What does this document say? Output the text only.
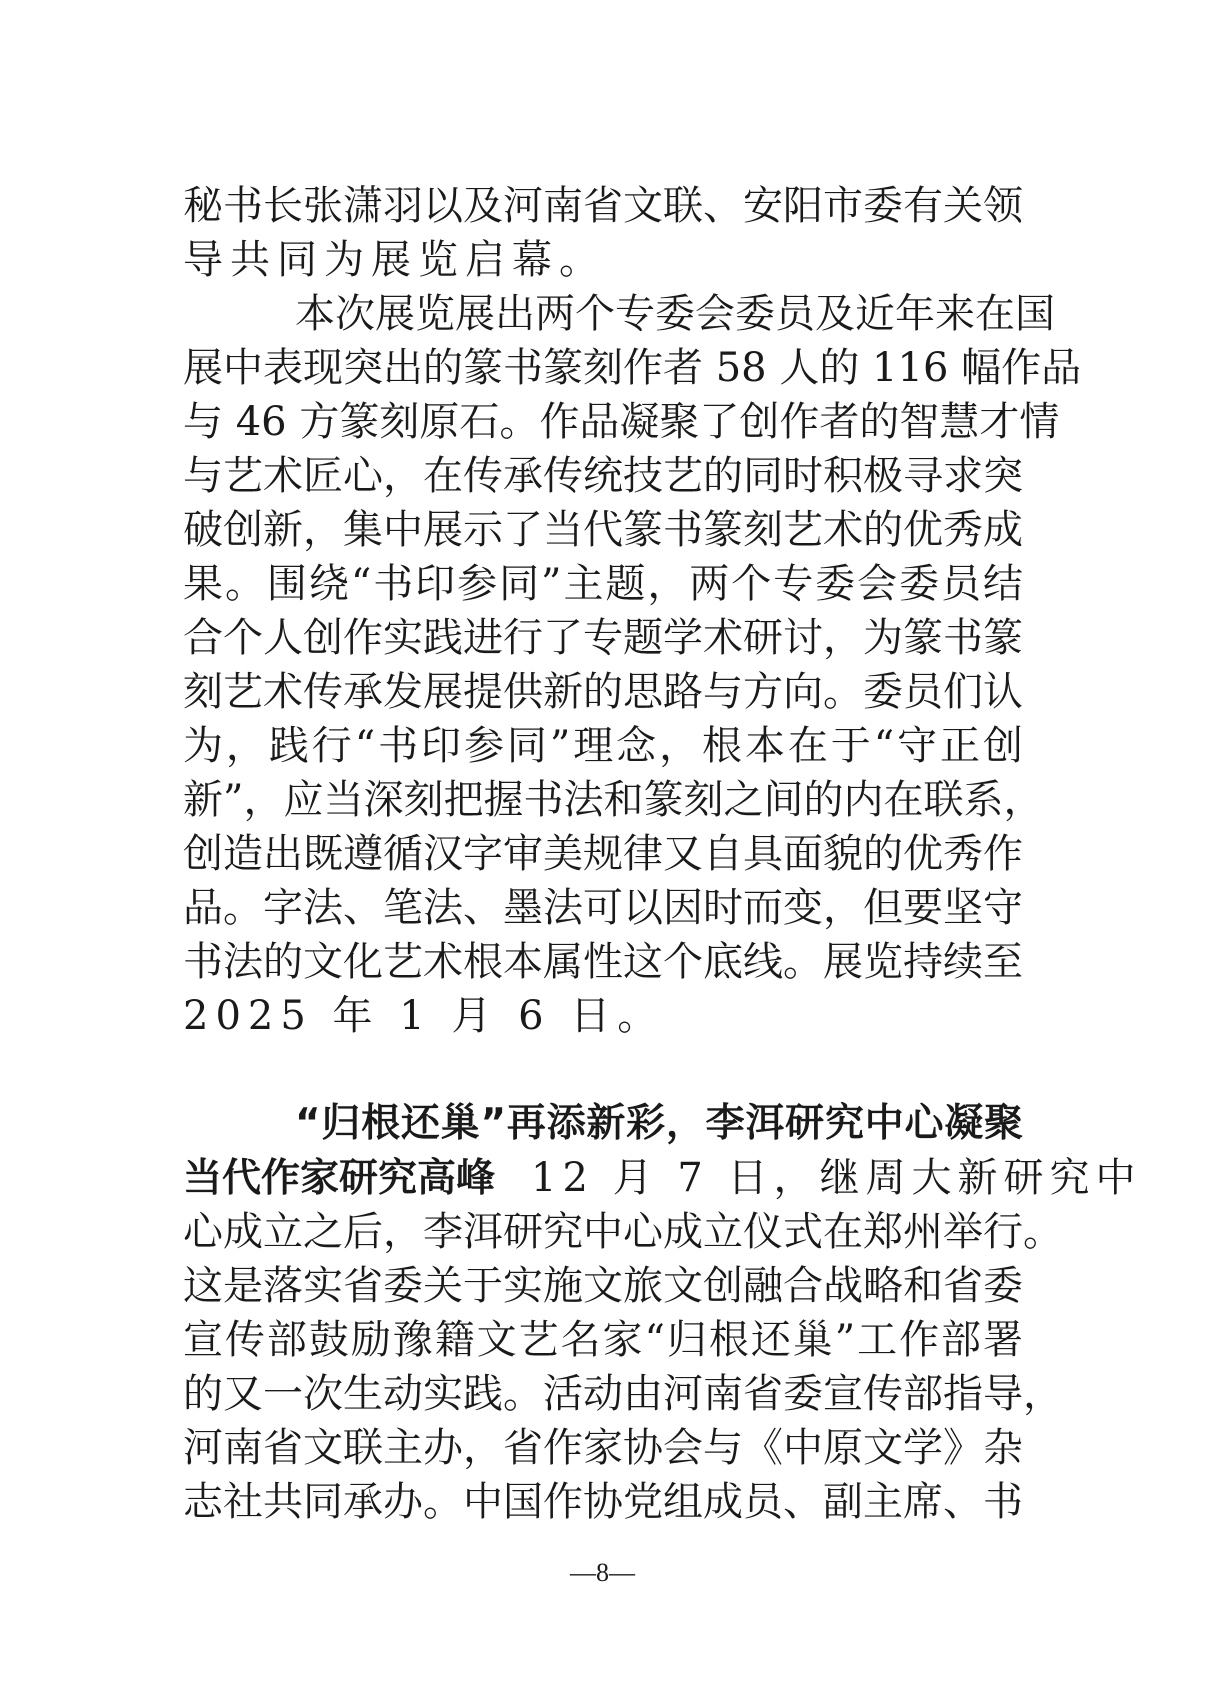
秘书长张潇羽以及河南省文联、安阳市委有关领
导共同为展览启幕。
本次展览展出两个专委会委员及近年来在国
展中表现突出的篆书篆刻作者 58 人的 116 幅作品
与 46 方篆刻原石。作品凝聚了创作者的智慧才情
与艺术匠心，在传承传统技艺的同时积极寻求突
破创新，集中展示了当代篆书篆刻艺术的优秀成
果。围绕“书印参同”主题，两个专委会委员结
合个人创作实践进行了专题学术研讨，为篆书篆
刻艺术传承发展提供新的思路与方向。委员们认
为，践行“书印参同”理念，根本在于“守正创
新”，应当深刻把握书法和篆刻之间的内在联系，
创造出既遵循汉字审美规律又自具面貌的优秀作
品。字法、笔法、墨法可以因时而变，但要坚守
书法的文化艺术根本属性这个底线。展览持续至
2025 年 1 月 6 日。
“归根还巢”再添新彩，李洱研究中心凝聚
当代作家研究高峰 12 月 7 日，继周大新研究中
心成立之后，李洱研究中心成立仪式在郑州举行。
这是落实省委关于实施文旅文创融合战略和省委
宣传部鼓励豫籍文艺名家“归根还巢”工作部署
的又一次生动实践。活动由河南省委宣传部指导，
河南省文联主办，省作家协会与《中原文学》杂
志社共同承办。中国作协党组成员、副主席、书
—8—
